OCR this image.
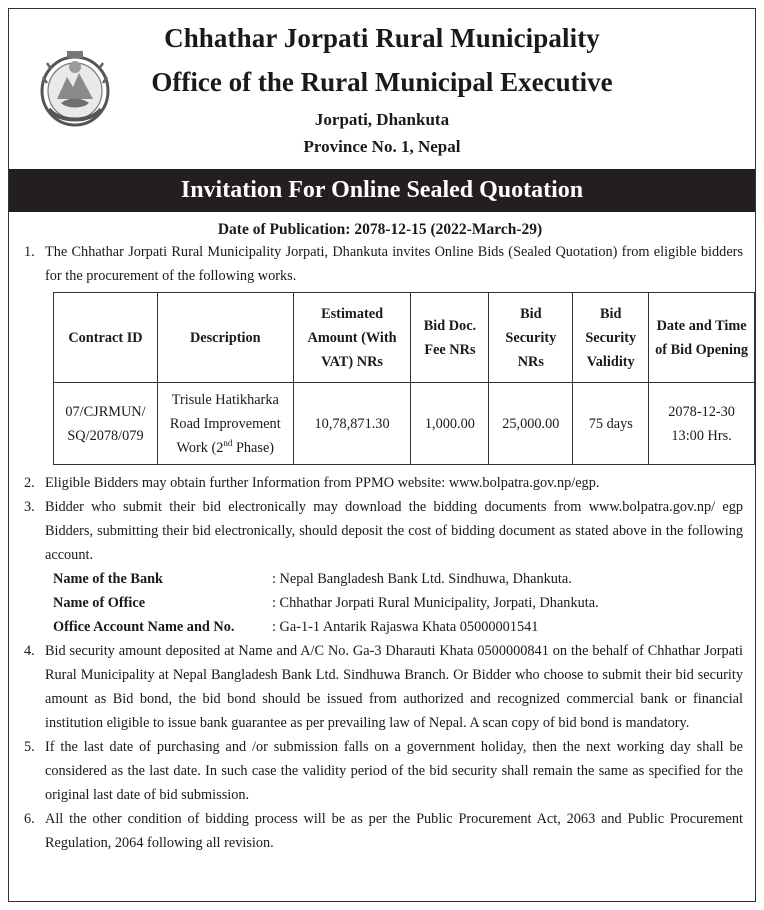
Chhathar Jorpati Rural Municipality
Office of the Rural Municipal Executive
Jorpati, Dhankuta
Province No. 1, Nepal
Invitation For Online Sealed Quotation
Date of Publication: 2078-12-15 (2022-March-29)
1. The Chhathar Jorpati Rural Municipality Jorpati, Dhankuta invites Online Bids (Sealed Quotation) from eligible bidders for the procurement of the following works.
Contract ID	Description	Estimated Amount (With VAT) NRs	Bid Doc. Fee NRs	Bid Security NRs	Bid Security Validity	Date and Time of Bid Opening
07/CJRMUN/ SQ/2078/079	Trisule Hatikharka Road Improvement Work (2nd Phase)	10,78,871.30	1,000.00	25,000.00	75 days	2078-12-30 13:00 Hrs.
2. Eligible Bidders may obtain further Information from PPMO website: www.bolpatra.gov.np/egp.
3. Bidder who submit their bid electronically may download the bidding documents from www.bolpatra.gov.np/ egp Bidders, submitting their bid electronically, should deposit the cost of bidding document as stated above in the following account.
Name of the Bank	: Nepal Bangladesh Bank Ltd. Sindhuwa, Dhankuta.
Name of Office	: Chhathar Jorpati Rural Municipality, Jorpati, Dhankuta.
Office Account Name and No.	: Ga-1-1 Antarik Rajaswa Khata 05000001541
4. Bid security amount deposited at Name and A/C No. Ga-3 Dharauti Khata 0500000841 on the behalf of Chhathar Jorpati Rural Municipality at Nepal Bangladesh Bank Ltd. Sindhuwa Branch. Or Bidder who choose to submit their bid security amount as Bid bond, the bid bond should be issued from authorized and recognized commercial bank or financial institution eligible to issue bank guarantee as per prevailing law of Nepal. A scan copy of bid bond is mandatory.
5. If the last date of purchasing and /or submission falls on a government holiday, then the next working day shall be considered as the last date. In such case the validity period of the bid security shall remain the same as specified for the original last date of bid submission.
6. All the other condition of bidding process will be as per the Public Procurement Act, 2063 and Public Procurement Regulation, 2064 following all revision.
